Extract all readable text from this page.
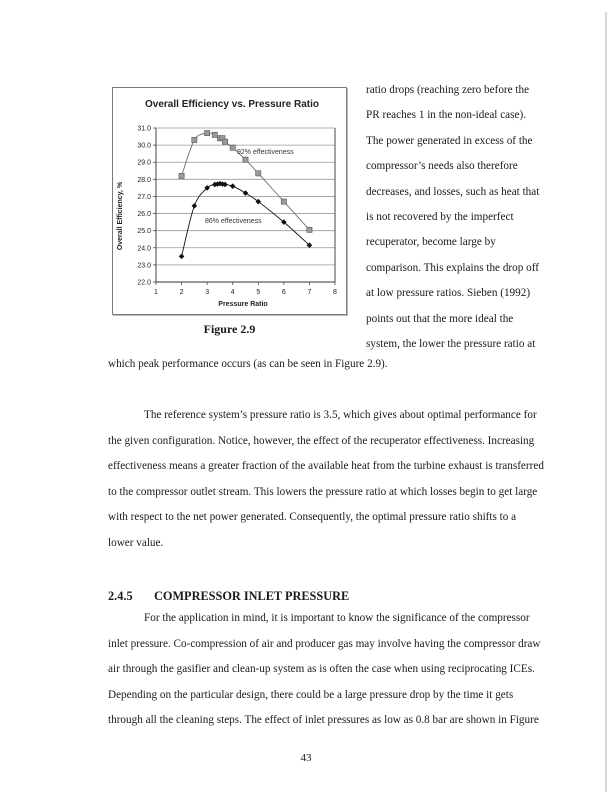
Overall Efficiency vs. Pressure Ratio
22.0
23.0
24.0
25.0
26.0
27.0
28.0
29.0
30.0
31.0
1	2	3	4	5	6	7	8
Pressure Ratio
Overall Efficiency, %
92% effectiveness
86% effectiveness
Figure 2.9

ratio drops (reaching zero before the

PR reaches 1 in the non-ideal case).

The power generated in excess of the

compressor’s needs also therefore

decreases, and losses, such as heat that

is not recovered by the imperfect

recuperator, become large by

comparison. This explains the drop off

at low pressure ratios. Sieben (1992)

points out that the more ideal the

system, the lower the pressure ratio at

which peak performance occurs (as can be seen in Figure 2.9).
The reference system’s pressure ratio is 3.5, which gives about optimal performance for
the given configuration. Notice, however, the effect of the recuperator effectiveness. Increasing
effectiveness means a greater fraction of the available heat from the turbine exhaust is transferred
to the compressor outlet stream. This lowers the pressure ratio at which losses begin to get large
with respect to the net power generated. Consequently, the optimal pressure ratio shifts to a
lower value.
2.4.5 COMPRESSOR INLET PRESSURE
For the application in mind, it is important to know the significance of the compressor
inlet pressure. Co-compression of air and producer gas may involve having the compressor draw
air through the gasifier and clean-up system as is often the case when using reciprocating ICEs.
Depending on the particular design, there could be a large pressure drop by the time it gets
through all the cleaning steps. The effect of inlet pressures as low as 0.8 bar are shown in Figure
43
